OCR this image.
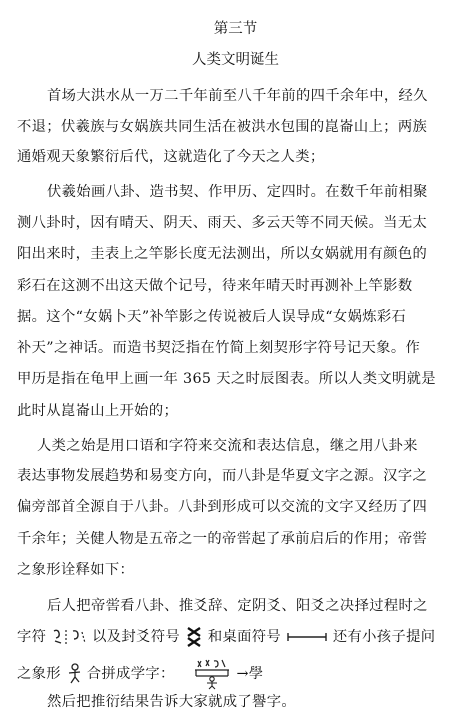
第三节
人类文明诞生
首场大洪水从一万二千年前至八千年前的四千余年中，经久
不退；伏羲族与女娲族共同生活在被洪水包围的崑崙山上；两族
通婚观天象繁衍后代，这就造化了今天之人类；
伏羲始画八卦、造书契、作甲历、定四时。在数千年前相聚
测八卦时，因有晴天、阴天、雨天、多云天等不同天候。当无太
阳出来时，圭表上之竿影长度无法测出，所以女娲就用有颜色的
彩石在这测不出这天做个记号，待来年晴天时再测补上竿影数
据。这个“女娲卜天”补竿影之传说被后人误导成“女娲炼彩石
补天”之神话。而造书契泛指在竹简上刻契形字符号记天象。作
甲历是指在龟甲上画一年 365 天之时辰图表。所以人类文明就是
此时从崑崙山上开始的；
人类之始是用口语和字符来交流和表达信息，继之用八卦来
表达事物发展趋势和易变方向，而八卦是华夏文字之源。汉字之
偏旁部首全源自于八卦。八卦到形成可以交流的文字又经历了四
千余年；关健人物是五帝之一的帝喾起了承前启后的作用；帝喾
之象形诠释如下：
后人把帝喾看八卦、推爻辞、定阴爻、阳爻之决择过程时之
字符	以及封爻符号 和桌面符号	还有小孩子提问
之象形 合拼成学字：	→學
然后把推衍结果告诉大家就成了譽字。
